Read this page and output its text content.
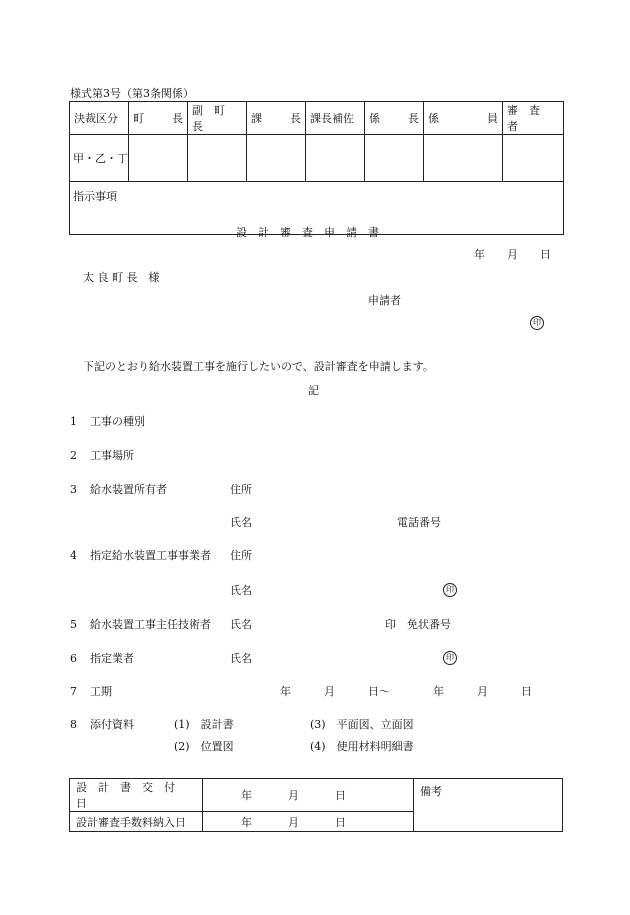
様式第3号（第3条関係）
決裁区分	町 長	副　町　長	課 長	課長補佐	係 長	係 員	審　査　者

甲・乙・丁							
指示事項							
設　計　審　査　申　請　書
年　　月　　日
太 良 町 長　様
申請者
印
下記のとおり給水装置工事を施行したいので、設計審査を申請します。
記
1 工事の種別
2 工事場所
3 給水装置所有者	住所
氏名	電話番号
4 指定給水装置工事事業者 住所
氏名	印
5 給水装置工事主任技術者 氏名	印 免状番号
6 指定業者	氏名	印
7 工期	年　　　月　　　日〜	年　　　月　　　日
8 添付資料	(1)　設計書	(3)　平面図、立面図
(2)　位置図	(4)　使用材料明細書
設　計　書　交　付　日	年 月 日	備考
設計審査手数料納入日	年 月 日	
